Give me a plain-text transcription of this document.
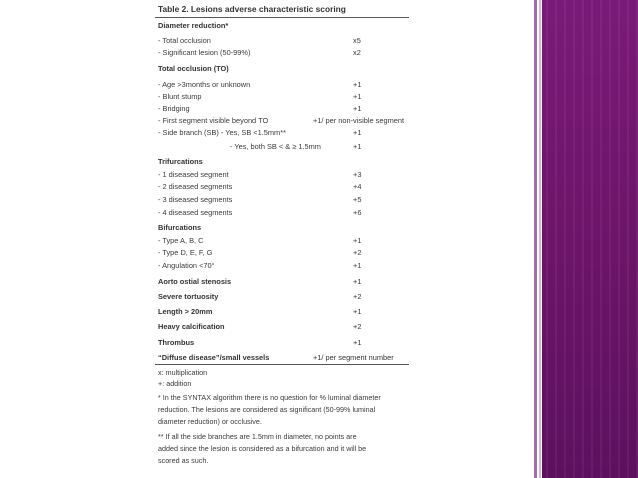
Table 2. Lesions adverse characteristic scoring
Diameter reduction*
- Total occlusion	x5
- Significant lesion (50-99%)	x2
Total occlusion (TO)
- Age >3months or unknown	+1
- Blunt stump	+1
- Bridging	+1
- First segment visible beyond TO	+1/ per non-visible segment
- Side branch (SB) - Yes, SB <1.5mm**	+1
- Yes, both SB < & ≥ 1.5mm	+1
Trifurcations
- 1 diseased segment	+3
- 2 diseased segments	+4
- 3 diseased segments	+5
- 4 diseased segments	+6
Bifurcations
- Type A, B, C	+1
- Type D, E, F, G	+2
- Angulation <70°	+1
Aorto ostial stenosis	+1
Severe tortuosity	+2
Length > 20mm	+1
Heavy calcification	+2
Thrombus	+1
“Diffuse disease”/small vessels	+1/ per segment number
x: multiplication
+: addition
* In the SYNTAX algorithm there is no question for % luminal diameter
reduction. The lesions are considered as significant (50-99% luminal
diameter reduction) or occlusive.
** If all the side branches are 1.5mm in diameter, no points are
added since the lesion is considered as a bifurcation and it will be
scored as such.
